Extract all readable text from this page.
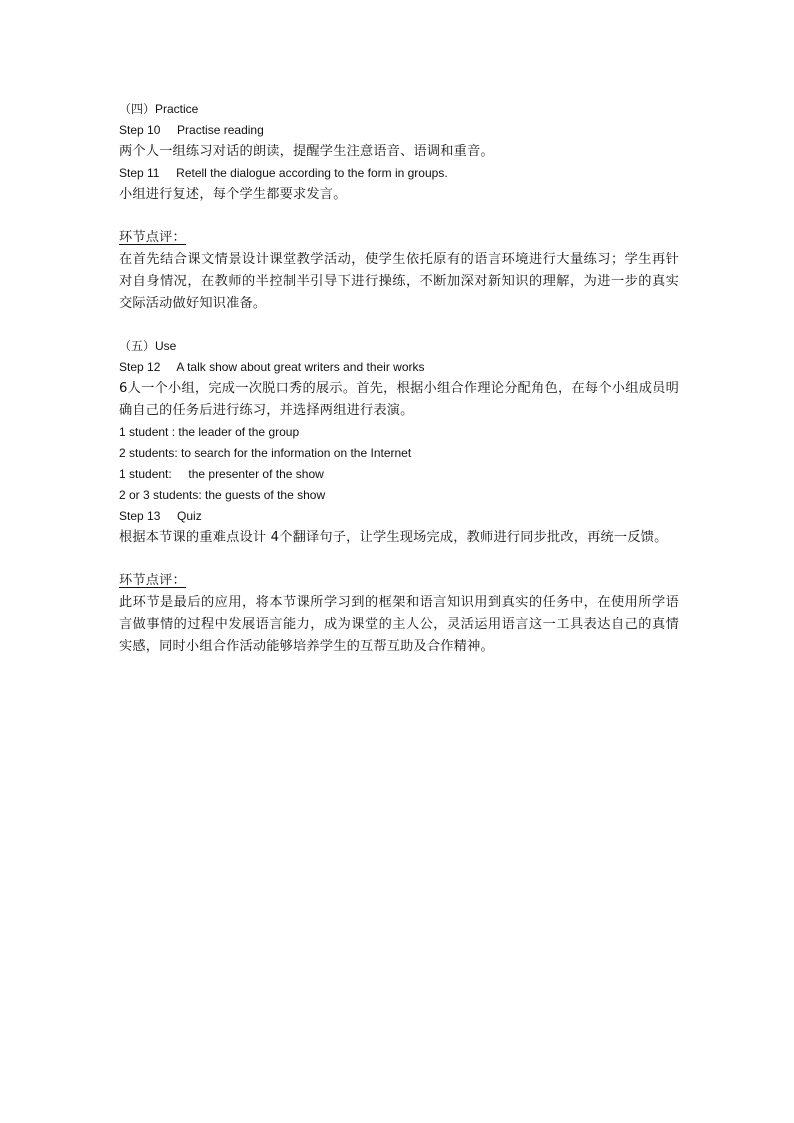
（四）Practice
Step 10 Practise reading
两个人一组练习对话的朗读，提醒学生注意语音、语调和重音。
Step 11 Retell the dialogue according to the form in groups.
小组进行复述，每个学生都要求发言。
环节点评：
在首先结合课文情景设计课堂教学活动，使学生依托原有的语言环境进行大量练习；学生再针对自身情况，在教师的半控制半引导下进行操练，不断加深对新知识的理解，为进一步的真实交际活动做好知识准备。
（五）Use
Step 12 A talk show about great writers and their works
6人一个小组，完成一次脱口秀的展示。首先，根据小组合作理论分配角色，在每个小组成员明确自己的任务后进行练习，并选择两组进行表演。
1 student : the leader of the group
2 students: to search for the information on the Internet
1 student:     the presenter of the show
2 or 3 students: the guests of the show
Step 13 Quiz
根据本节课的重难点设计 4个翻译句子，让学生现场完成，教师进行同步批改，再统一反馈。
环节点评：
此环节是最后的应用，将本节课所学习到的框架和语言知识用到真实的任务中，在使用所学语言做事情的过程中发展语言能力，成为课堂的主人公，灵活运用语言这一工具表达自己的真情实感，同时小组合作活动能够培养学生的互帮互助及合作精神。
